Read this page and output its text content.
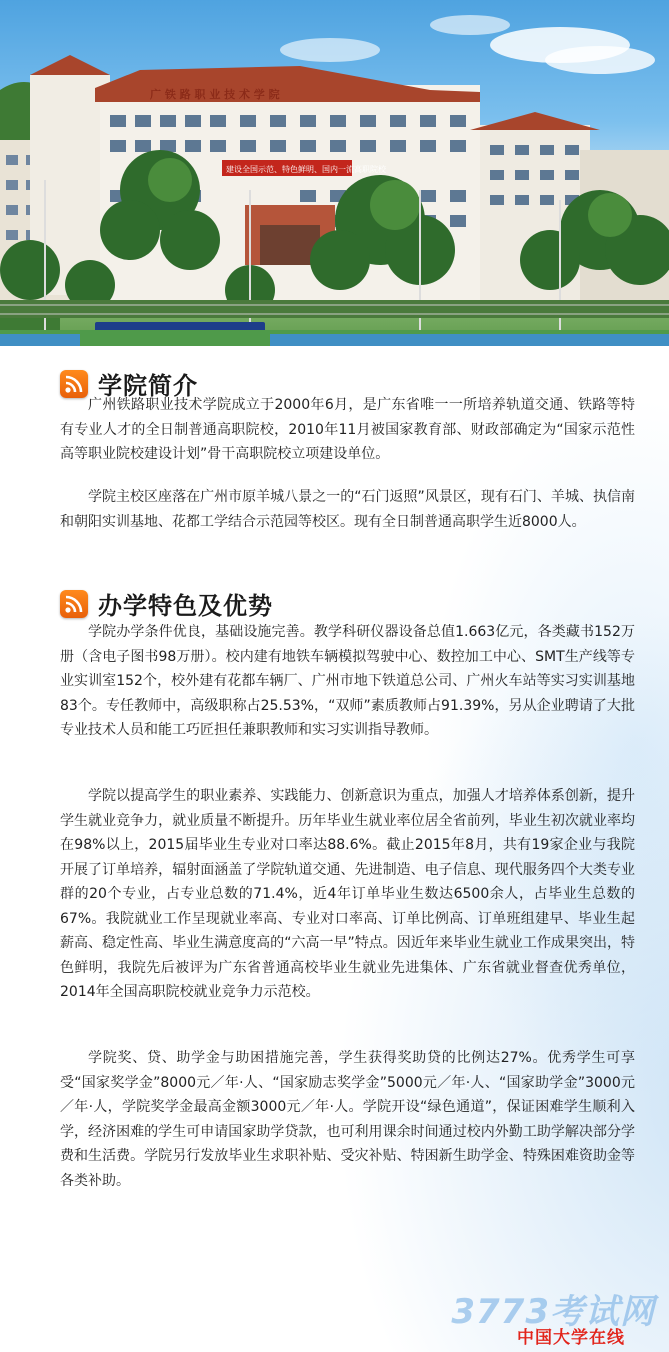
广 铁 路 职 业 技 术 学 院
建设全国示范、特色鲜明、国内一流高职院校
学院简介

广州铁路职业技术学院成立于2000年6月，是广东省唯一一所培养轨道交通、铁路等特有专业人才的全日制普通高职院校，2010年11月被国家教育部、财政部确定为“国家示范性高等职业院校建设计划”骨干高职院校立项建设单位。

学院主校区座落在广州市原羊城八景之一的“石门返照”风景区，现有石门、羊城、执信南和朝阳实训基地、花都工学结合示范园等校区。现有全日制普通高职学生近8000人。

办学特色及优势

学院办学条件优良，基础设施完善。教学科研仪器设备总值1.663亿元，各类藏书152万册（含电子图书98万册）。校内建有地铁车辆模拟驾驶中心、数控加工中心、SMT生产线等专业实训室152个，校外建有花都车辆厂、广州市地下铁道总公司、广州火车站等实习实训基地83个。专任教师中，高级职称占25.53%，“双师”素质教师占91.39%，另从企业聘请了大批专业技术人员和能工巧匠担任兼职教师和实习实训指导教师。

学院以提高学生的职业素养、实践能力、创新意识为重点，加强人才培养体系创新，提升学生就业竞争力，就业质量不断提升。历年毕业生就业率位居全省前列，毕业生初次就业率均在98%以上，2015届毕业生专业对口率达88.6%。截止2015年8月，共有19家企业与我院开展了订单培养，辐射面涵盖了学院轨道交通、先进制造、电子信息、现代服务四个大类专业群的20个专业，占专业总数的71.4%，近4年订单毕业生数达6500余人，占毕业生总数的67%。我院就业工作呈现就业率高、专业对口率高、订单比例高、订单班组建早、毕业生起薪高、稳定性高、毕业生满意度高的“六高一早”特点。因近年来毕业生就业工作成果突出，特色鲜明，我院先后被评为广东省普通高校毕业生就业先进集体、广东省就业督查优秀单位，2014年全国高职院校就业竞争力示范校。

学院奖、贷、助学金与助困措施完善，学生获得奖助贷的比例达27%。优秀学生可享受“国家奖学金”8000元／年·人、“国家励志奖学金”5000元／年·人、“国家助学金”3000元／年·人，学院奖学金最高金额3000元／年·人。学院开设“绿色通道”，保证困难学生顺利入学，经济困难的学生可申请国家助学贷款，也可利用课余时间通过校内外勤工助学解决部分学费和生活费。学院另行发放毕业生求职补贴、受灾补贴、特困新生助学金、特殊困难资助金等各类补助。

3773考试网
中国大学在线
